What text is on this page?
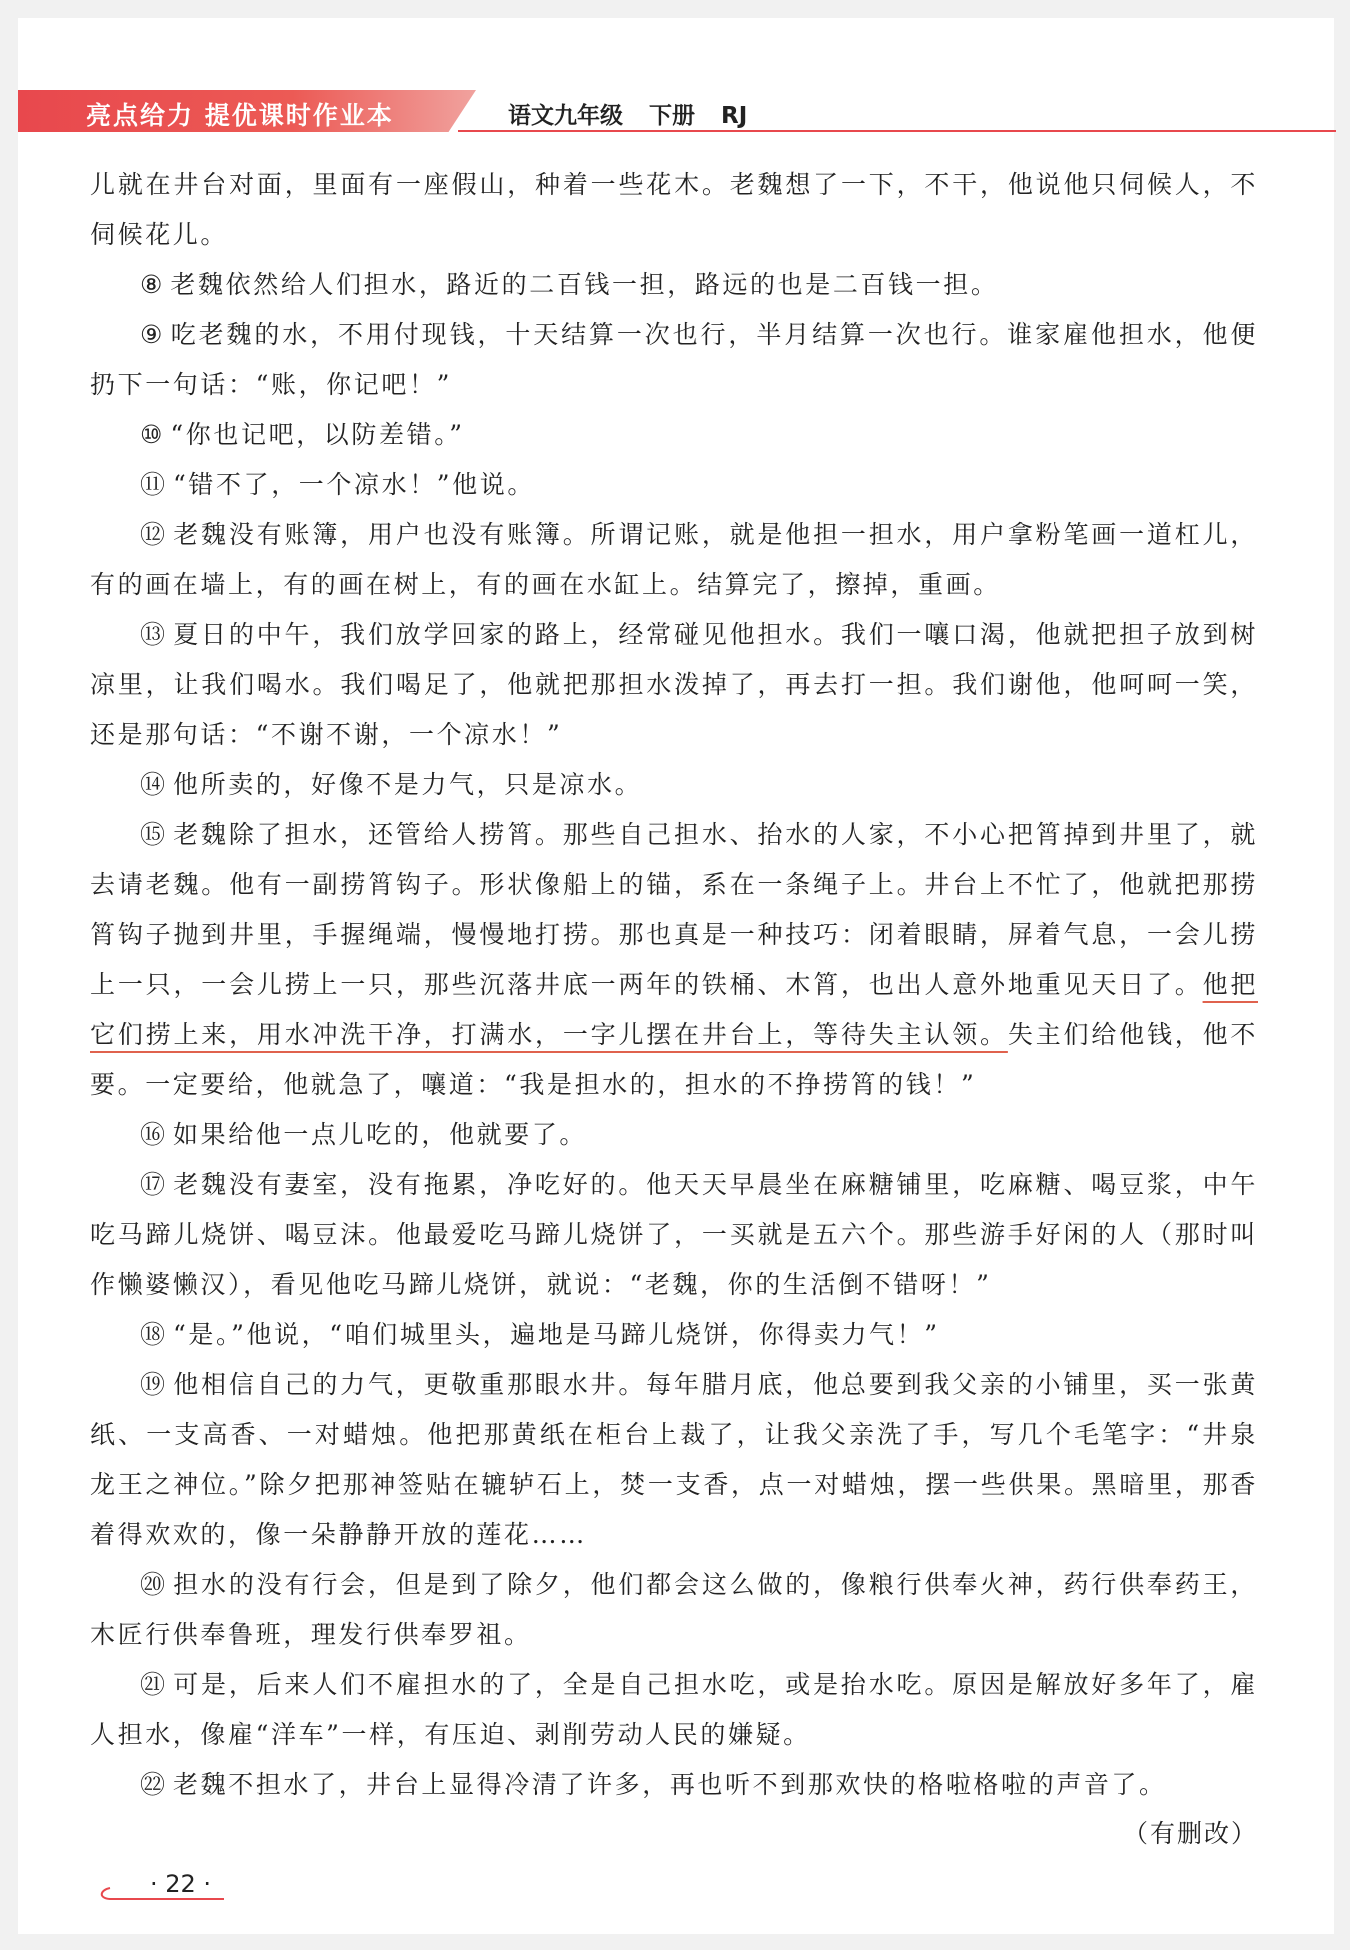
亮点给力 提优课时作业本	语文九年级 下册 RJ

儿就在井台对面，里面有一座假山，种着一些花木。老魏想了一下，不干，他说他只伺候人，不伺候花儿。

⑧ 老魏依然给人们担水，路近的二百钱一担，路远的也是二百钱一担。

⑨ 吃老魏的水，不用付现钱，十天结算一次也行，半月结算一次也行。谁家雇他担水，他便扔下一句话：“账，你记吧！”

⑩ “你也记吧，以防差错。”

⑪ “错不了，一个凉水！”他说。

⑫ 老魏没有账簿，用户也没有账簿。所谓记账，就是他担一担水，用户拿粉笔画一道杠儿，有的画在墙上，有的画在树上，有的画在水缸上。结算完了，擦掉，重画。

⑬ 夏日的中午，我们放学回家的路上，经常碰见他担水。我们一嚷口渴，他就把担子放到树凉里，让我们喝水。我们喝足了，他就把那担水泼掉了，再去打一担。我们谢他，他呵呵一笑，还是那句话：“不谢不谢，一个凉水！”

⑭ 他所卖的，好像不是力气，只是凉水。

⑮ 老魏除了担水，还管给人捞筲。那些自己担水、抬水的人家，不小心把筲掉到井里了，就去请老魏。他有一副捞筲钩子。形状像船上的锚，系在一条绳子上。井台上不忙了，他就把那捞筲钩子抛到井里，手握绳端，慢慢地打捞。那也真是一种技巧：闭着眼睛，屏着气息，一会儿捞上一只，一会儿捞上一只，那些沉落井底一两年的铁桶、木筲，也出人意外地重见天日了。他把它们捞上来，用水冲洗干净，打满水，一字儿摆在井台上，等待失主认领。失主们给他钱，他不要。一定要给，他就急了，嚷道：“我是担水的，担水的不挣捞筲的钱！”

⑯ 如果给他一点儿吃的，他就要了。

⑰ 老魏没有妻室，没有拖累，净吃好的。他天天早晨坐在麻糖铺里，吃麻糖、喝豆浆，中午吃马蹄儿烧饼、喝豆沫。他最爱吃马蹄儿烧饼了，一买就是五六个。那些游手好闲的人（那时叫作懒婆懒汉），看见他吃马蹄儿烧饼，就说：“老魏，你的生活倒不错呀！”

⑱ “是。”他说，“咱们城里头，遍地是马蹄儿烧饼，你得卖力气！”

⑲ 他相信自己的力气，更敬重那眼水井。每年腊月底，他总要到我父亲的小铺里，买一张黄纸、一支高香、一对蜡烛。他把那黄纸在柜台上裁了，让我父亲洗了手，写几个毛笔字：“井泉龙王之神位。”除夕把那神签贴在辘轳石上，焚一支香，点一对蜡烛，摆一些供果。黑暗里，那香着得欢欢的，像一朵静静开放的莲花……

⑳ 担水的没有行会，但是到了除夕，他们都会这么做的，像粮行供奉火神，药行供奉药王，木匠行供奉鲁班，理发行供奉罗祖。

㉑ 可是，后来人们不雇担水的了，全是自己担水吃，或是抬水吃。原因是解放好多年了，雇人担水，像雇“洋车”一样，有压迫、剥削劳动人民的嫌疑。

㉒ 老魏不担水了，井台上显得冷清了许多，再也听不到那欢快的格啦格啦的声音了。

（有删改）
· 22 ·
